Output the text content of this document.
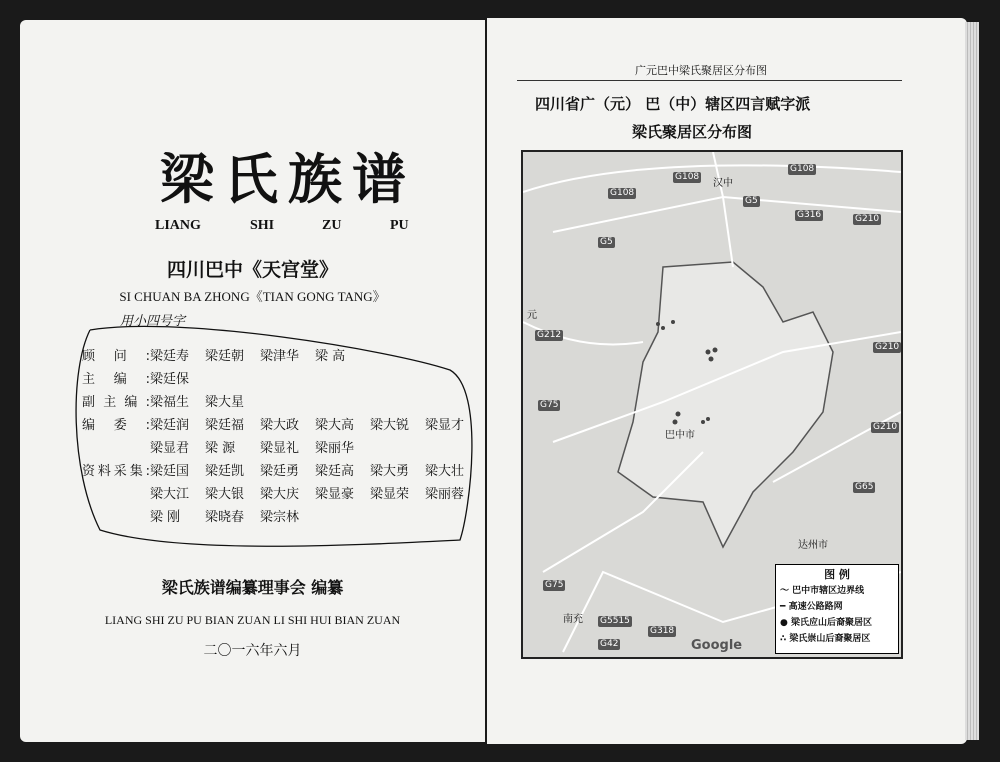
梁氏族谱
LIANG	SHI	ZU	PU
四川巴中《天宫堂》
SI CHUAN BA ZHONG《TIAN GONG TANG》
用小四号字
顾问:梁廷寿 梁廷朝 梁津华 梁 高
主编:梁廷保
副主编:梁福生 梁大星
编委:梁廷润 梁廷福 梁大政 梁大高 梁大锐 梁显才
梁显君 梁 源 梁显礼 梁丽华
资料采集:梁廷国 梁廷凯 梁廷勇 梁廷高 梁大勇 梁大壮
梁大江 梁大银 梁大庆 梁显豪 梁显荣 梁丽蓉
梁 刚 梁晓春 梁宗林
梁氏族谱编纂理事会 编纂
LIANG SHI ZU PU BIAN ZUAN LI SHI HUI BIAN ZUAN
二〇一六年六月
广元巴中梁氏聚居区分布图
四川省广（元） 巴（中）辖区四言赋字派
梁氏聚居区分布图
G108
G108
G108
G5
G5
G316	G210
G210
G210
G212
G75
G75
G65
G5515
G318
G42
汉中
元
巴中市
达州市
南充
Google
图 例
〜 巴中市辖区边界线
━ 高速公路路网
● 梁氏应山后裔聚居区
∴ 梁氏崇山后裔聚居区
